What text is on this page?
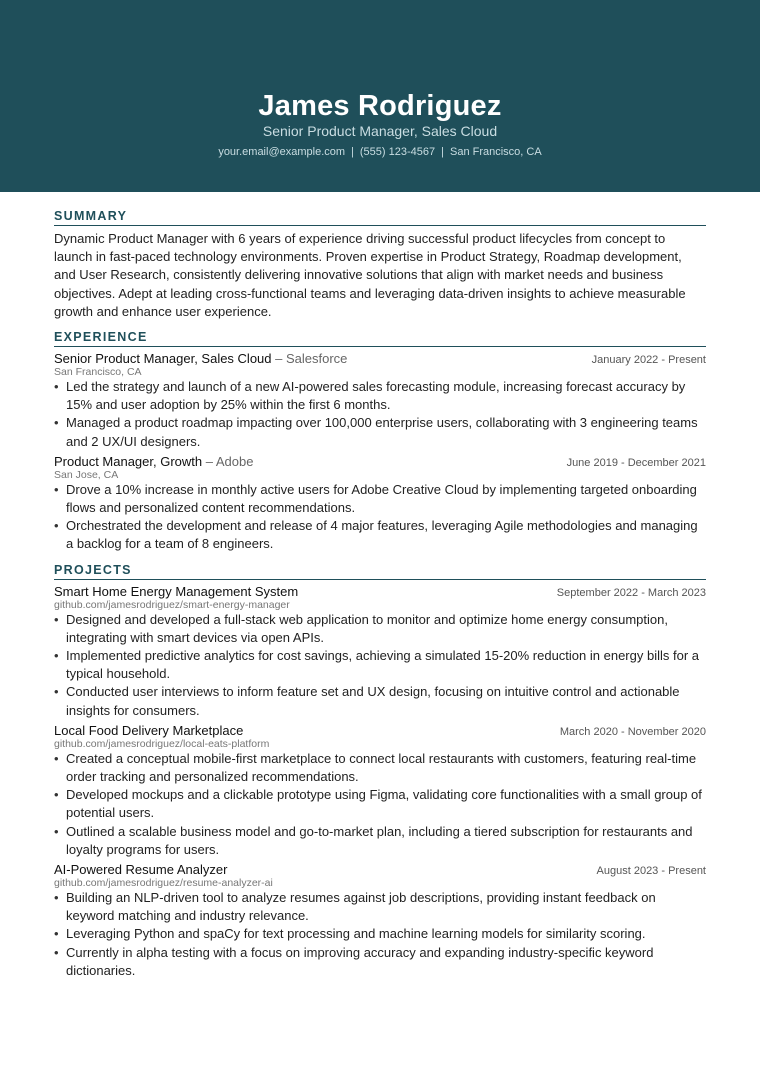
James Rodriguez
Senior Product Manager, Sales Cloud
your.email@example.com | (555) 123-4567 | San Francisco, CA
SUMMARY
Dynamic Product Manager with 6 years of experience driving successful product lifecycles from concept to launch in fast-paced technology environments. Proven expertise in Product Strategy, Roadmap development, and User Research, consistently delivering innovative solutions that align with market needs and business objectives. Adept at leading cross-functional teams and leveraging data-driven insights to achieve measurable growth and enhance user experience.
EXPERIENCE
Senior Product Manager, Sales Cloud – Salesforce	January 2022 - Present
San Francisco, CA
• Led the strategy and launch of a new AI-powered sales forecasting module, increasing forecast accuracy by 15% and user adoption by 25% within the first 6 months.
• Managed a product roadmap impacting over 100,000 enterprise users, collaborating with 3 engineering teams and 2 UX/UI designers.
Product Manager, Growth – Adobe	June 2019 - December 2021
San Jose, CA
• Drove a 10% increase in monthly active users for Adobe Creative Cloud by implementing targeted onboarding flows and personalized content recommendations.
• Orchestrated the development and release of 4 major features, leveraging Agile methodologies and managing a backlog for a team of 8 engineers.
PROJECTS
Smart Home Energy Management System	September 2022 - March 2023
github.com/jamesrodriguez/smart-energy-manager
• Designed and developed a full-stack web application to monitor and optimize home energy consumption, integrating with smart devices via open APIs.
• Implemented predictive analytics for cost savings, achieving a simulated 15-20% reduction in energy bills for a typical household.
• Conducted user interviews to inform feature set and UX design, focusing on intuitive control and actionable insights for consumers.
Local Food Delivery Marketplace	March 2020 - November 2020
github.com/jamesrodriguez/local-eats-platform
• Created a conceptual mobile-first marketplace to connect local restaurants with customers, featuring real-time order tracking and personalized recommendations.
• Developed mockups and a clickable prototype using Figma, validating core functionalities with a small group of potential users.
• Outlined a scalable business model and go-to-market plan, including a tiered subscription for restaurants and loyalty programs for users.
AI-Powered Resume Analyzer	August 2023 - Present
github.com/jamesrodriguez/resume-analyzer-ai
• Building an NLP-driven tool to analyze resumes against job descriptions, providing instant feedback on keyword matching and industry relevance.
• Leveraging Python and spaCy for text processing and machine learning models for similarity scoring.
• Currently in alpha testing with a focus on improving accuracy and expanding industry-specific keyword dictionaries.
